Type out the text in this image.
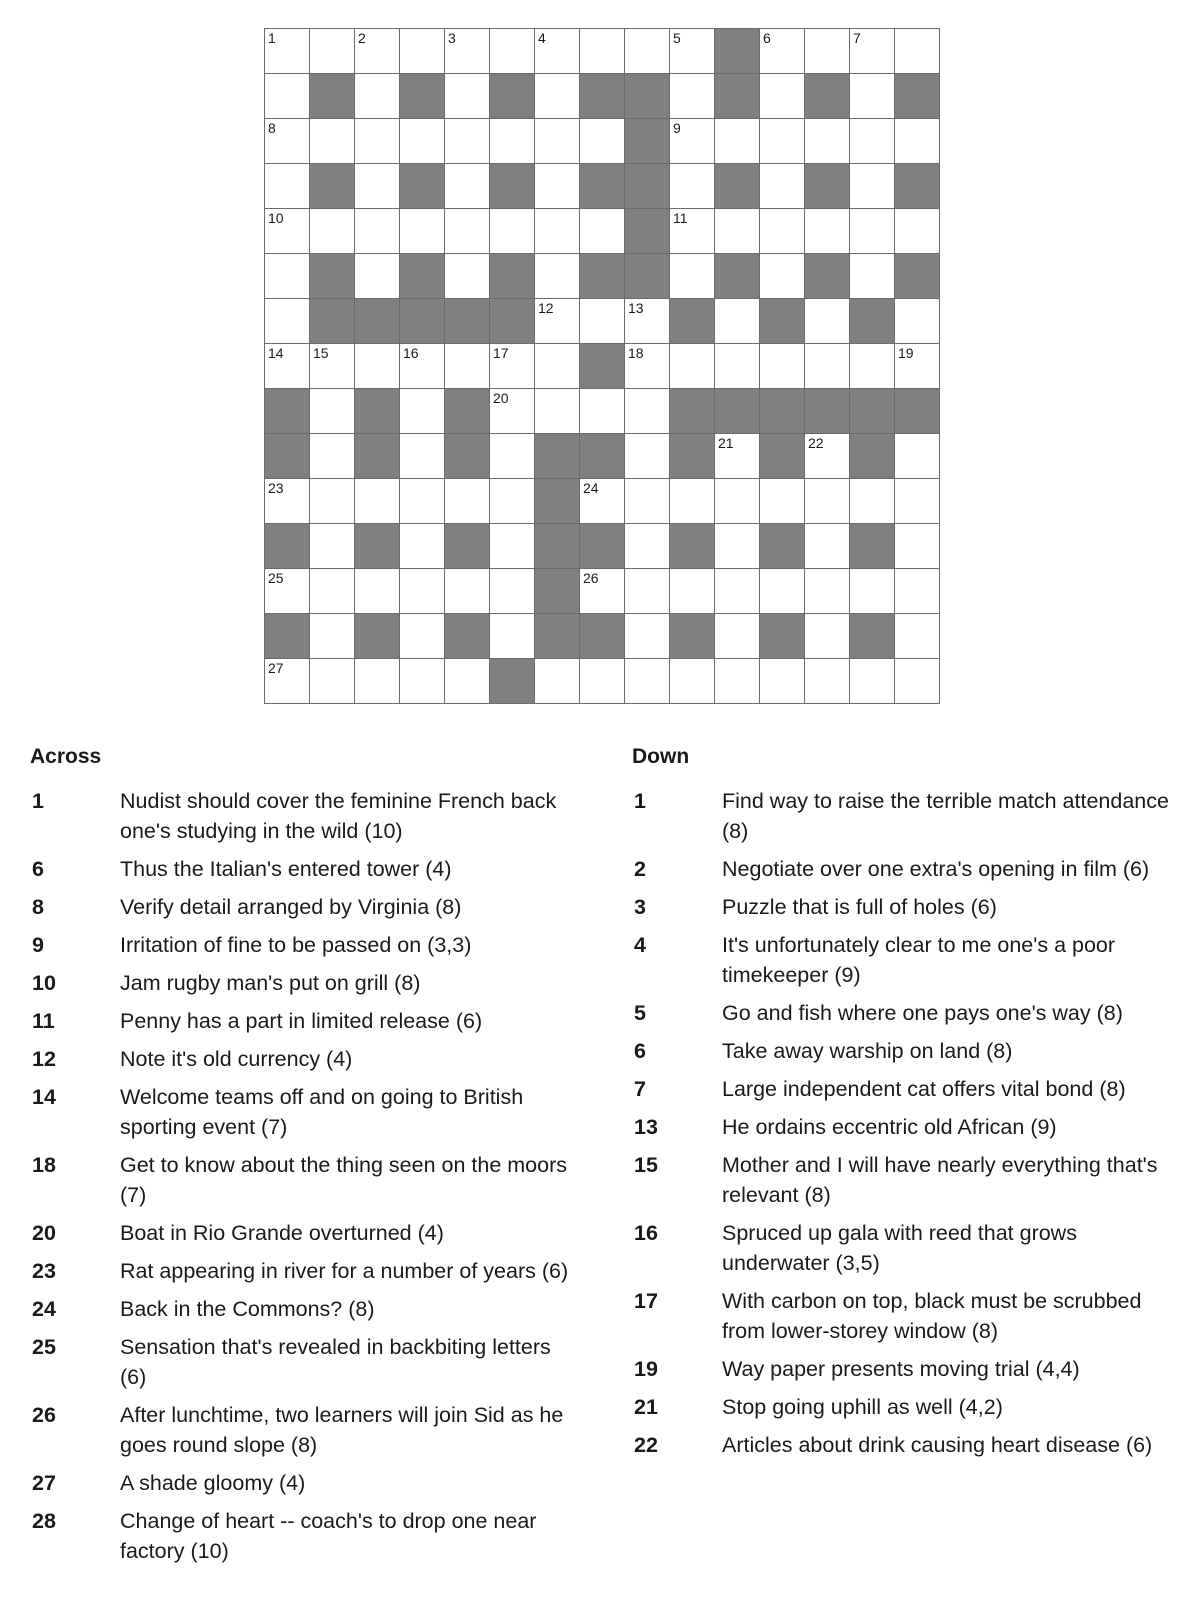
1	2	3	4	5	6	7
8	9
10	11
12	13
14 15	16	17	18	19
20
21	22
23	24
25	26
27
Across
1	Nudist should cover the feminine French back one's studying in the wild (10)
6	Thus the Italian's entered tower (4)
8	Verify detail arranged by Virginia (8)
9	Irritation of fine to be passed on (3,3)
10	Jam rugby man's put on grill (8)
11	Penny has a part in limited release (6)
12	Note it's old currency (4)
14	Welcome teams off and on going to British sporting event (7)
18	Get to know about the thing seen on the moors (7)
20	Boat in Rio Grande overturned (4)
23	Rat appearing in river for a number of years (6)
24	Back in the Commons? (8)
25	Sensation that's revealed in backbiting letters (6)
26	After lunchtime, two learners will join Sid as he goes round slope (8)
27	A shade gloomy (4)
28	Change of heart -- coach's to drop one near factory (10)
Down
1	Find way to raise the terrible match attendance (8)
2	Negotiate over one extra's opening in film (6)
3	Puzzle that is full of holes (6)
4	It's unfortunately clear to me one's a poor timekeeper (9)
5	Go and fish where one pays one's way (8)
6	Take away warship on land (8)
7	Large independent cat offers vital bond (8)
13	He ordains eccentric old African (9)
15	Mother and I will have nearly everything that's relevant (8)
16	Spruced up gala with reed that grows underwater (3,5)
17	With carbon on top, black must be scrubbed from lower-storey window (8)
19	Way paper presents moving trial (4,4)
21	Stop going uphill as well (4,2)
22	Articles about drink causing heart disease (6)
